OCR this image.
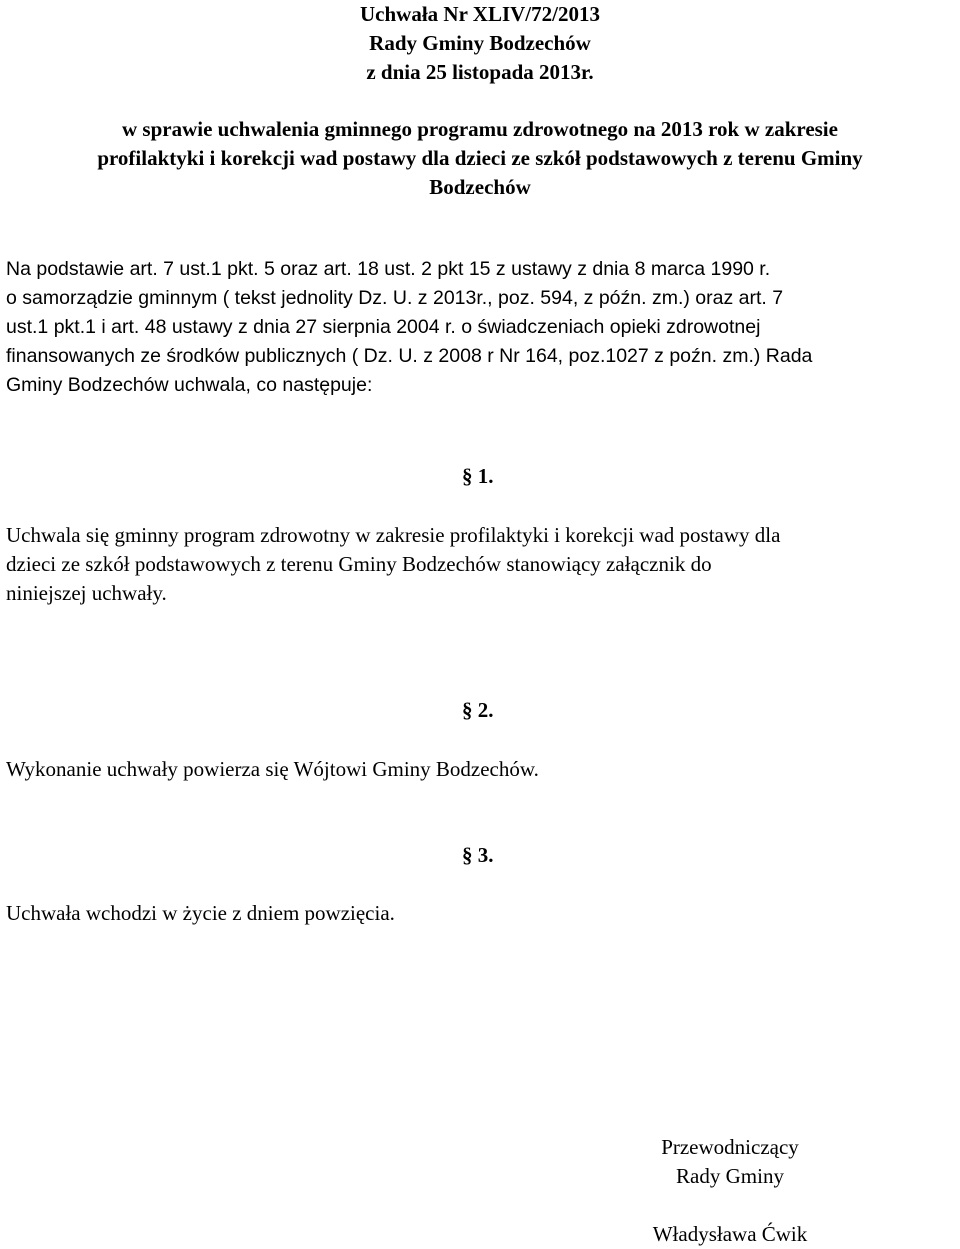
Uchwała Nr XLIV/72/2013
Rady Gminy Bodzechów
z dnia 25 listopada 2013r.
w sprawie uchwalenia gminnego programu zdrowotnego na 2013 rok w zakresie
profilaktyki i korekcji wad postawy dla dzieci ze szkół podstawowych z terenu Gminy
Bodzechów
Na podstawie art. 7 ust.1 pkt. 5 oraz art. 18 ust. 2 pkt 15 z ustawy z dnia 8 marca 1990 r.
o samorządzie gminnym ( tekst jednolity Dz. U. z 2013r., poz. 594, z późn. zm.) oraz art. 7
ust.1 pkt.1 i art. 48 ustawy z dnia 27 sierpnia 2004 r. o świadczeniach opieki zdrowotnej
finansowanych ze środków publicznych ( Dz. U. z 2008 r Nr 164, poz.1027 z poźn. zm.) Rada
Gminy Bodzechów uchwala, co następuje:
§ 1.
Uchwala się gminny program zdrowotny w zakresie profilaktyki i korekcji wad postawy dla
dzieci ze szkół podstawowych z terenu Gminy Bodzechów stanowiący załącznik do
niniejszej uchwały.
§ 2.
Wykonanie uchwały powierza się Wójtowi Gminy Bodzechów.
§ 3.
Uchwała wchodzi w życie z dniem powzięcia.
Przewodniczący
Rady Gminy
Władysława Ćwik
